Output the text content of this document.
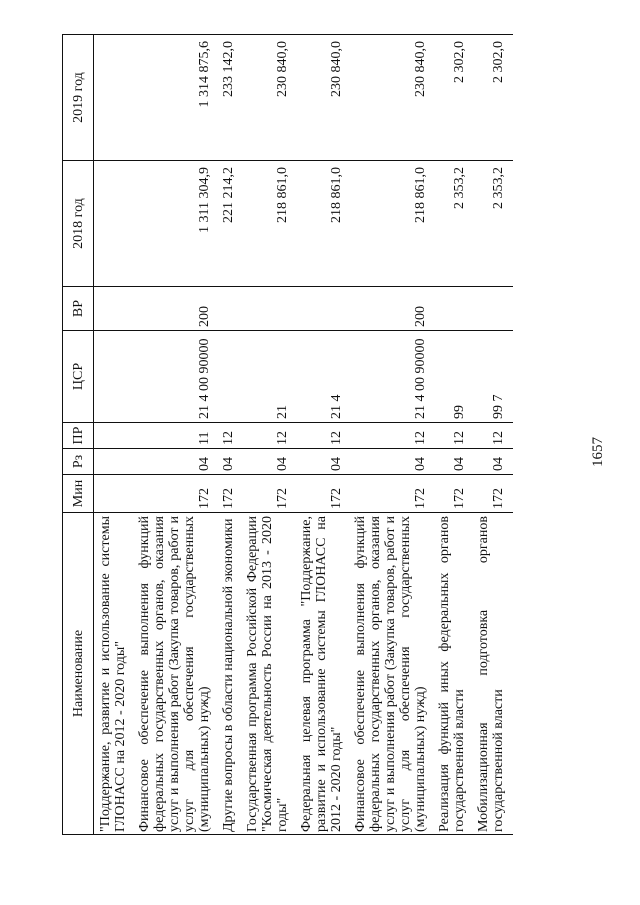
1657
Наименование	Мин	Рз	ПР	ЦСР	ВР	2018 год	2019 год
"Поддержание, развитие и использование системы ГЛОНАСС на 2012 - 2020 годы"							
Финансовое обеспечение выполнения функций федеральных государственных органов, оказания услуг и выполнения работ (Закупка товаров, работ и услуг для обеспечения государственных (муниципальных) нужд)	172	04	11	21 4 00 90000	200	1 311 304,9	1 314 875,6
Другие вопросы в области национальной экономики	172	04	12			221 214,2	233 142,0
Государственная программа Российской Федерации "Космическая деятельность России на 2013 - 2020 годы"	172	04	12	21		218 861,0	230 840,0
Федеральная целевая программа "Поддержание, развитие и использование системы ГЛОНАСС на 2012 - 2020 годы"	172	04	12	21 4		218 861,0	230 840,0
Финансовое обеспечение выполнения функций федеральных государственных органов, оказания услуг и выполнения работ (Закупка товаров, работ и услуг для обеспечения государственных (муниципальных) нужд)	172	04	12	21 4 00 90000	200	218 861,0	230 840,0
Реализация функций иных федеральных органов государственной власти	172	04	12	99		2 353,2	2 302,0
Мобилизационная подготовка органов государственной власти	172	04	12	99 7		2 353,2	2 302,0
